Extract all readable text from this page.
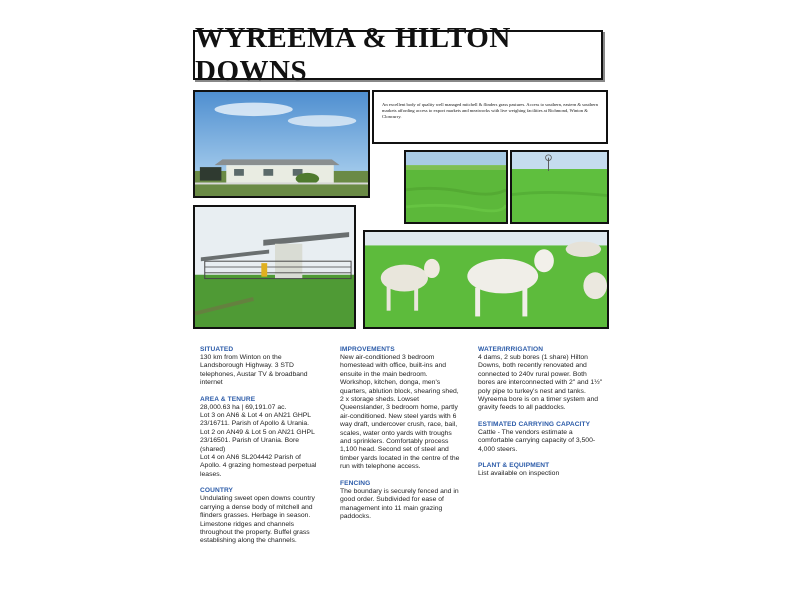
WYREEMA & HILTON DOWNS
An excellent body of quality well managed mitchell & flinders grass pastures. Access to southern, eastern & southern markets affording access to export markets and meatworks with live weighing facilities at Richmond, Winton & Cloncurry.
SITUATED

130 km from Winton on the Landsborough Highway. 3 STD telephones, Austar TV & broadband internet

AREA & TENURE

28,000.63 ha | 69,191.07 ac.

Lot 3 on AN6 & Lot 4 on AN21 GHPL 23/16711. Parish of Apollo & Urania.

Lot 2 on AN49 & Lot 5 on AN21 GHPL 23/16501. Parish of Urania. Bore (shared)

Lot 4 on AN6 SL204442 Parish of Apollo. 4 grazing homestead perpetual leases.

COUNTRY

Undulating sweet open downs country carrying a dense body of mitchell and flinders grasses. Herbage in season. Limestone ridges and channels throughout the property. Buffel grass establishing along the channels.

IMPROVEMENTS

New air-conditioned 3 bedroom homestead with office, built-ins and ensuite in the main bedroom. Workshop, kitchen, donga, men's quarters, ablution block, shearing shed, 2 x storage sheds. Lowset Queenslander, 3 bedroom home, partly air-conditioned. New steel yards with 6 way draft, undercover crush, race, bail, scales, water onto yards with troughs and sprinklers. Comfortably process 1,100 head. Second set of steel and timber yards located in the centre of the run with telephone access.

FENCING

The boundary is securely fenced and in good order. Subdivided for ease of management into 11 main grazing paddocks.

WATER/IRRIGATION

4 dams, 2 sub bores (1 share) Hilton Downs, both recently renovated and connected to 240v rural power. Both bores are interconnected with 2" and 1½" poly pipe to turkey's nest and tanks. Wyreema bore is on a timer system and gravity feeds to all paddocks.

ESTIMATED CARRYING CAPACITY

Cattle - The vendors estimate a comfortable carrying capacity of 3,500-4,000 steers.

PLANT & EQUIPMENT

List available on inspection
